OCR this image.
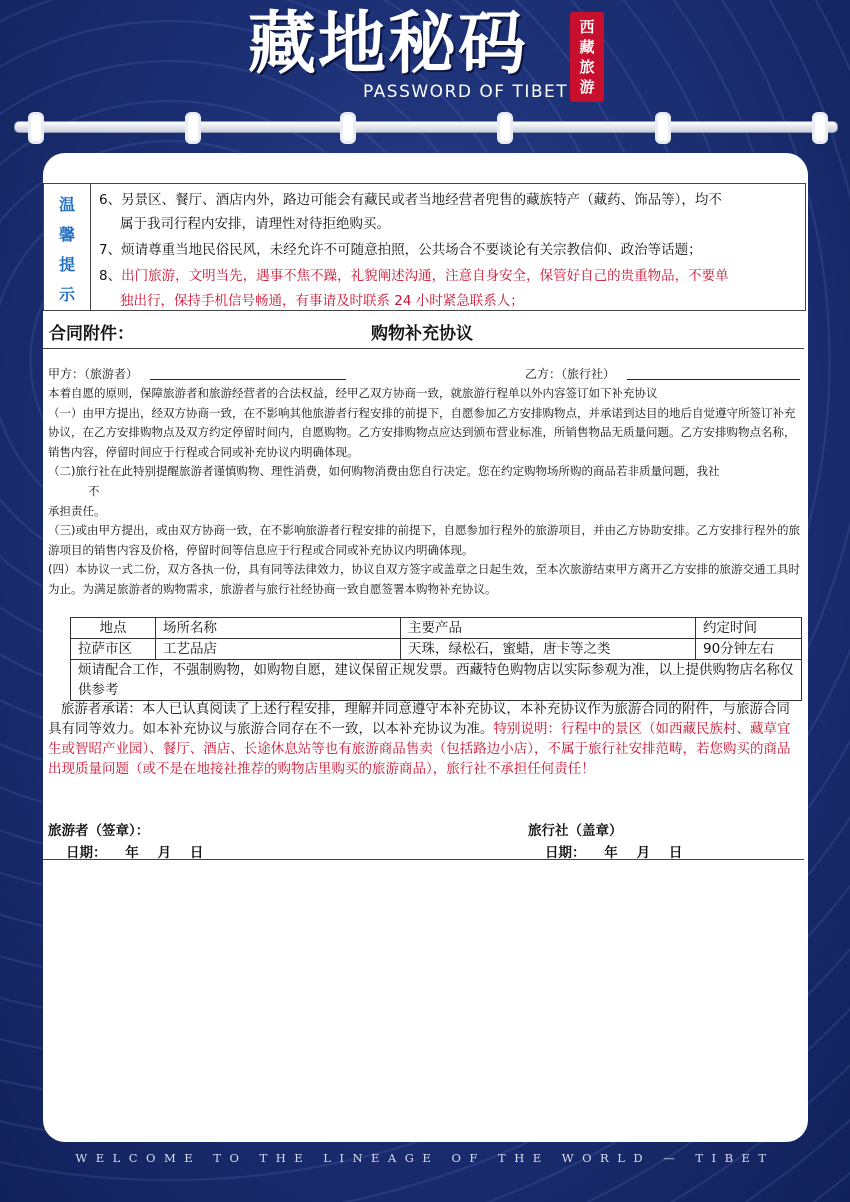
藏地秘码
PASSWORD OF TIBET
西
藏
旅
游
温
馨
提
示
6、另景区、餐厅、酒店内外，路边可能会有藏民或者当地经营者兜售的藏族特产（藏药、饰品等），均不
属于我司行程内安排，请理性对待拒绝购买。
7、烦请尊重当地民俗民风，未经允许不可随意拍照，公共场合不要谈论有关宗教信仰、政治等话题；
8、出门旅游，文明当先，遇事不焦不躁，礼貌阐述沟通，注意自身安全，保管好自己的贵重物品，不要单
独出行，保持手机信号畅通，有事请及时联系 24 小时紧急联系人；
合同附件：	购物补充协议
甲方：（旅游者）	乙方：（旅行社）

本着自愿的原则，保障旅游者和旅游经营者的合法权益，经甲乙双方协商一致，就旅游行程单以外内容签订如下补充协议

（一）由甲方提出，经双方协商一致，在不影响其他旅游者行程安排的前提下，自愿参加乙方安排购物点，并承诺到达目的地后自觉遵守所签订补充协议，在乙方安排购物点及双方约定停留时间内，自愿购物。乙方安排购物点应达到颁布营业标准，所销售物品无质量问题。乙方安排购物点名称，销售内容，停留时间应于行程或合同或补充协议内明确体现。

（二)旅行社在此特别提醒旅游者谨慎购物、理性消费，如何购物消费由您自行决定。您在约定购物场所购的商品若非质量问题，我社

不

承担责任。

（三)或由甲方提出，或由双方协商一致，在不影响旅游者行程安排的前提下，自愿参加行程外的旅游项目，并由乙方协助安排。乙方安排行程外的旅游项目的销售内容及价格，停留时间等信息应于行程或合同或补充协议内明确体现。

(四）本协议一式二份，双方各执一份，具有同等法律效力，协议自双方签字或盖章之日起生效，至本次旅游结束甲方离开乙方安排的旅游交通工具时为止。为满足旅游者的购物需求，旅游者与旅行社经协商一致自愿签署本购物补充协议。

地点	场所名称	主要产品	约定时间
拉萨市区	工艺品店	天珠，绿松石，蜜蜡，唐卡等之类	90分钟左右
烦请配合工作，不强制购物，如购物自愿，建议保留正规发票。西藏特色购物店以实际参观为准，以上提供购物店名称仅供参考			
旅游者承诺：本人已认真阅读了上述行程安排，理解并同意遵守本补充协议，本补充协议作为旅游合同的附件，与旅游合同具有同等效力。如本补充协议与旅游合同存在不一致，以本补充协议为准。特别说明：行程中的景区（如西藏民族村、藏草宜生或智昭产业园）、餐厅、酒店、长途休息站等也有旅游商品售卖（包括路边小店），不属于旅行社安排范畴，若您购买的商品出现质量问题（或不是在地接社推荐的购物店里购买的旅游商品），旅行社不承担任何责任！
旅游者（签章）：	旅行社（盖章）
日期：    年    月    日	日期：    年    月    日
WELCOME TO THE LINEAGE OF THE WORLD — TIBET
